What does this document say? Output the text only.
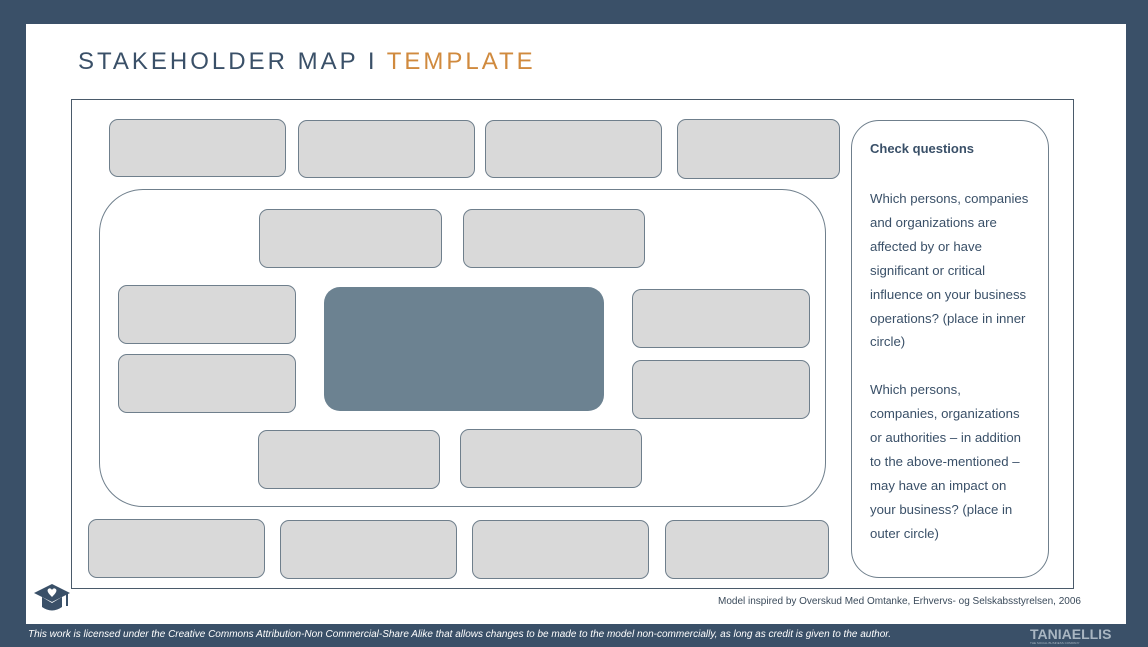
STAKEHOLDER MAP I TEMPLATE
Check questions
Which persons, companies and organizations are affected by or have significant or critical influence on your business operations? (place in inner circle)
Which persons, companies, organizations or authorities – in addition to the above-mentioned – may have an impact on your business? (place in outer circle)
Model inspired by Overskud Med Omtanke, Erhvervs- og Selskabsstyrelsen, 2006
This work is licensed under the Creative Commons Attribution-Non Commercial-Share Alike that allows changes to be made to the model non-commercially, as long as credit is given to the author.	TANIAELLIS
THE SOCIAL BUSINESS COMPANY
